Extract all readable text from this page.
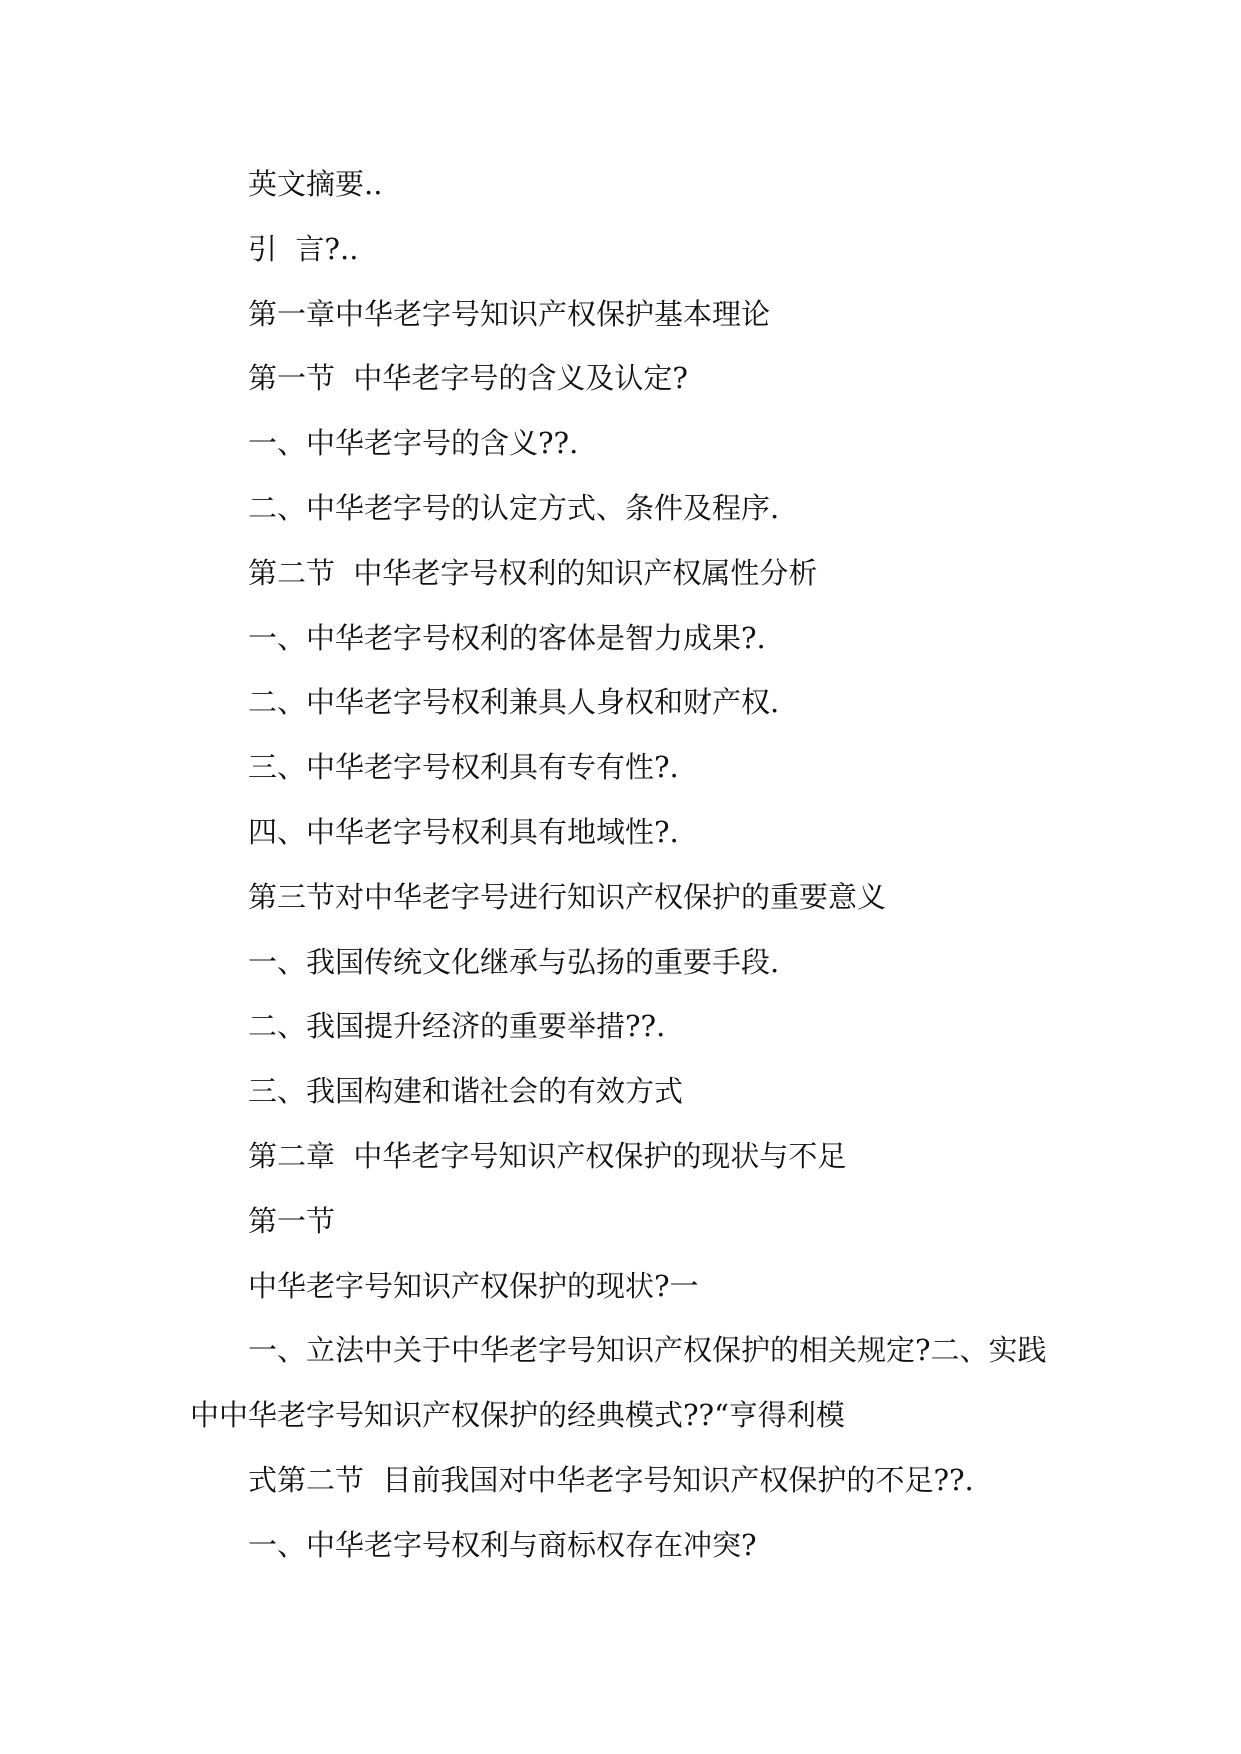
英文摘要..
引  言?..
第一章中华老字号知识产权保护基本理论
第一节  中华老字号的含义及认定?
一、中华老字号的含义??.
二、中华老字号的认定方式、条件及程序.
第二节  中华老字号权利的知识产权属性分析
一、中华老字号权利的客体是智力成果?.
二、中华老字号权利兼具人身权和财产权.
三、中华老字号权利具有专有性?.
四、中华老字号权利具有地域性?.
第三节对中华老字号进行知识产权保护的重要意义
一、我国传统文化继承与弘扬的重要手段.
二、我国提升经济的重要举措??.
三、我国构建和谐社会的有效方式
第二章  中华老字号知识产权保护的现状与不足
第一节
中华老字号知识产权保护的现状?一
一、立法中关于中华老字号知识产权保护的相关规定?二、实践
中中华老字号知识产权保护的经典模式??“亨得利模
式第二节  目前我国对中华老字号知识产权保护的不足??.
一、中华老字号权利与商标权存在冲突?
